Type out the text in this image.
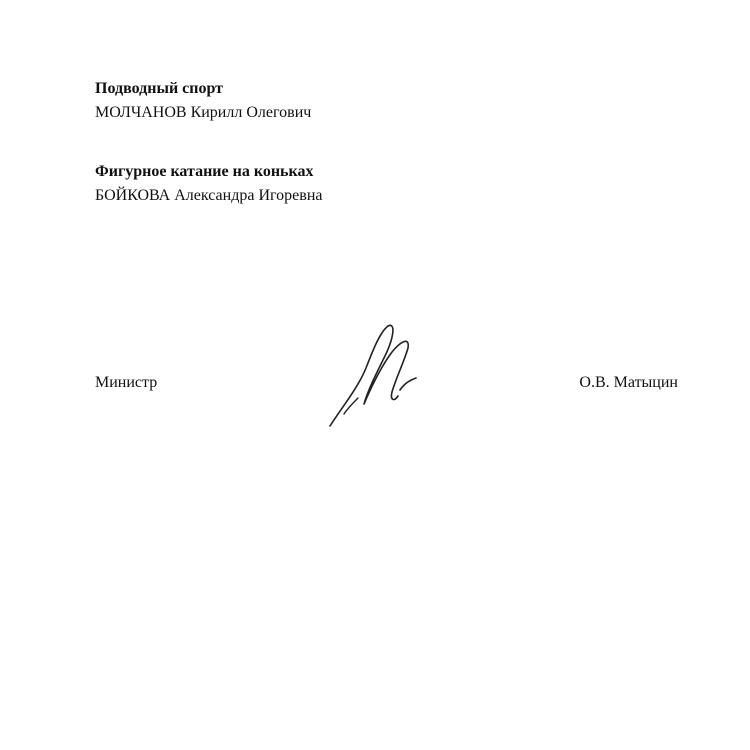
Подводный спорт
МОЛЧАНОВ Кирилл Олегович
Фигурное катание на коньках
БОЙКОВА Александра Игоревна
Министр	О.В. Матыцин
